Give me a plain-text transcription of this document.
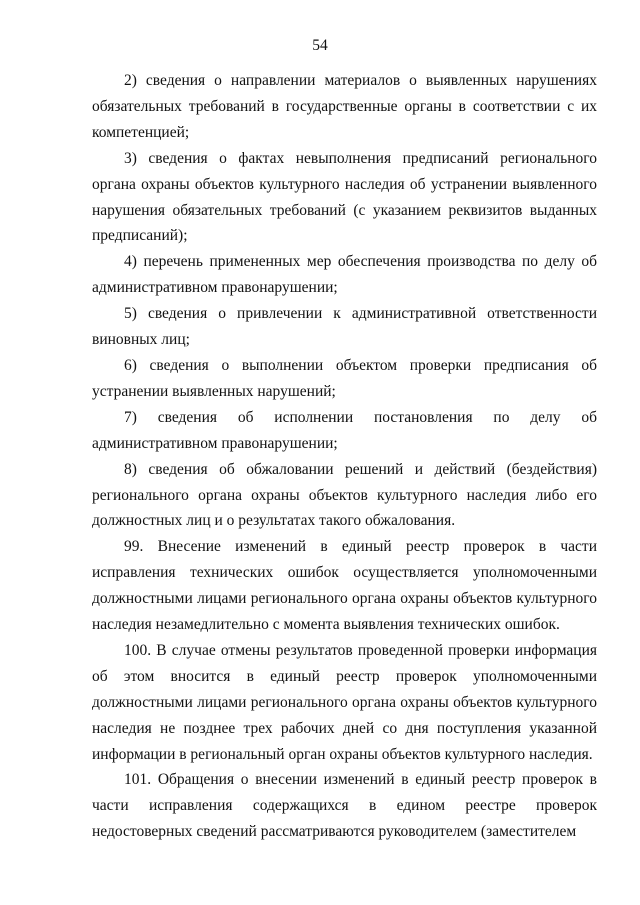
54

2) сведения о направлении материалов о выявленных нарушениях обязательных требований в государственные органы в соответствии с их компетенцией;

3) сведения о фактах невыполнения предписаний регионального органа охраны объектов культурного наследия об устранении выявленного нарушения обязательных требований (с указанием реквизитов выданных предписаний);

4) перечень примененных мер обеспечения производства по делу об административном правонарушении;

5) сведения о привлечении к административной ответственности виновных лиц;

6) сведения о выполнении объектом проверки предписания об устранении выявленных нарушений;

7) сведения об исполнении постановления по делу об административном правонарушении;

8) сведения об обжаловании решений и действий (бездействия) регионального органа охраны объектов культурного наследия либо его должностных лиц и о результатах такого обжалования.

99. Внесение изменений в единый реестр проверок в части исправления технических ошибок осуществляется уполномоченными должностными лицами регионального органа охраны объектов культурного наследия незамедлительно с момента выявления технических ошибок.

100. В случае отмены результатов проведенной проверки информация об этом вносится в единый реестр проверок уполномоченными должностными лицами регионального органа охраны объектов культурного наследия не позднее трех рабочих дней со дня поступления указанной информации в региональный орган охраны объектов культурного наследия.

101. Обращения о внесении изменений в единый реестр проверок в части исправления содержащихся в едином реестре проверок недостоверных сведений рассматриваются руководителем (заместителем
